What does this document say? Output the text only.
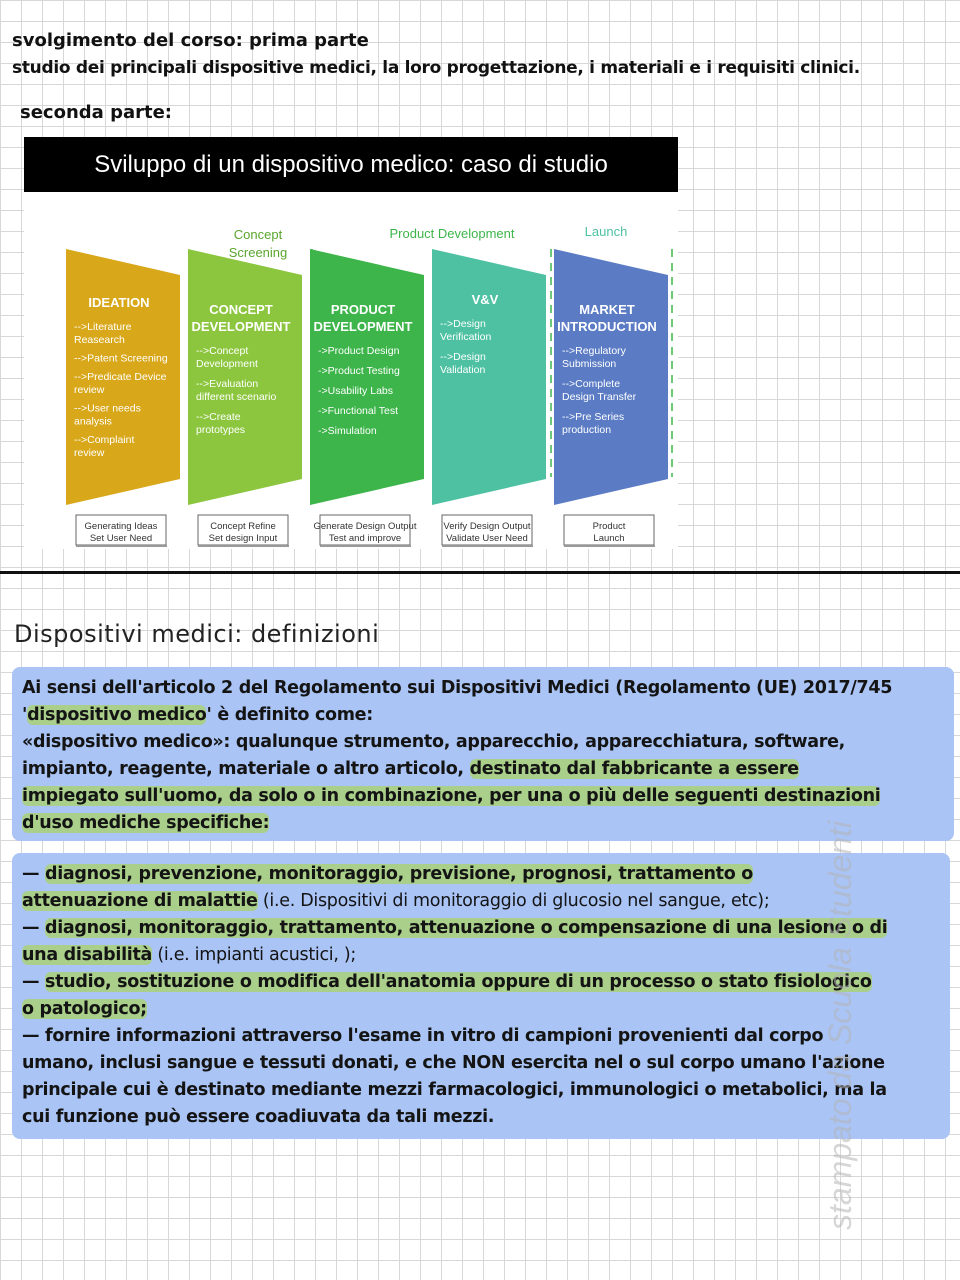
svolgimento del corso: prima parte
studio dei principali dispositive medici, la loro progettazione, i materiali e i requisiti clinici.
seconda parte:
Sviluppo di un dispositivo medico: caso di studio
Concept
Screening
Product Development	Launch
IDEATION
-->Literature
Reasearch
-->Patent Screening
-->Predicate Device
review
-->User needs
analysis
-->Complaint
review
CONCEPT
DEVELOPMENT
-->Concept
Development
-->Evaluation
different scenario
-->Create
prototypes
PRODUCT
DEVELOPMENT
->Product Design
->Product Testing
->Usability Labs
->Functional Test
->Simulation
V&V
-->Design
Verification
-->Design
Validation
MARKET
INTRODUCTION
-->Regulatory
Submission
-->Complete
Design Transfer
-->Pre Series
production
Generating Ideas
Set User Need
Concept Refine
Set design Input
Generate Design Output
Test and improve
Verify Design Output
Validate User Need
Product
Launch
Dispositivi medici: definizioni
Ai sensi dell'articolo 2 del Regolamento sui Dispositivi Medici (Regolamento (UE) 2017/745
'dispositivo medico' è definito come:
«dispositivo medico»: qualunque strumento, apparecchio, apparecchiatura, software,
impianto, reagente, materiale o altro articolo, destinato dal fabbricante a essere
impiegato sull'uomo, da solo o in combinazione, per una o più delle seguenti destinazioni
d'uso mediche specifiche:
— diagnosi, prevenzione, monitoraggio, previsione, prognosi, trattamento o
attenuazione di malattie (i.e. Dispositivi di monitoraggio di glucosio nel sangue, etc);
— diagnosi, monitoraggio, trattamento, attenuazione o compensazione di una lesione o di
una disabilità (i.e. impianti acustici, );
— studio, sostituzione o modifica dell'anatomia oppure di un processo o stato fisiologico
o patologico;
— fornire informazioni attraverso l'esame in vitro di campioni provenienti dal corpo
umano, inclusi sangue e tessuti donati, e che NON esercita nel o sul corpo umano l'azione
principale cui è destinato mediante mezzi farmacologici, immunologici o metabolici, ma la
cui funzione può essere coadiuvata da tali mezzi.	stampato da Scuola Studenti
